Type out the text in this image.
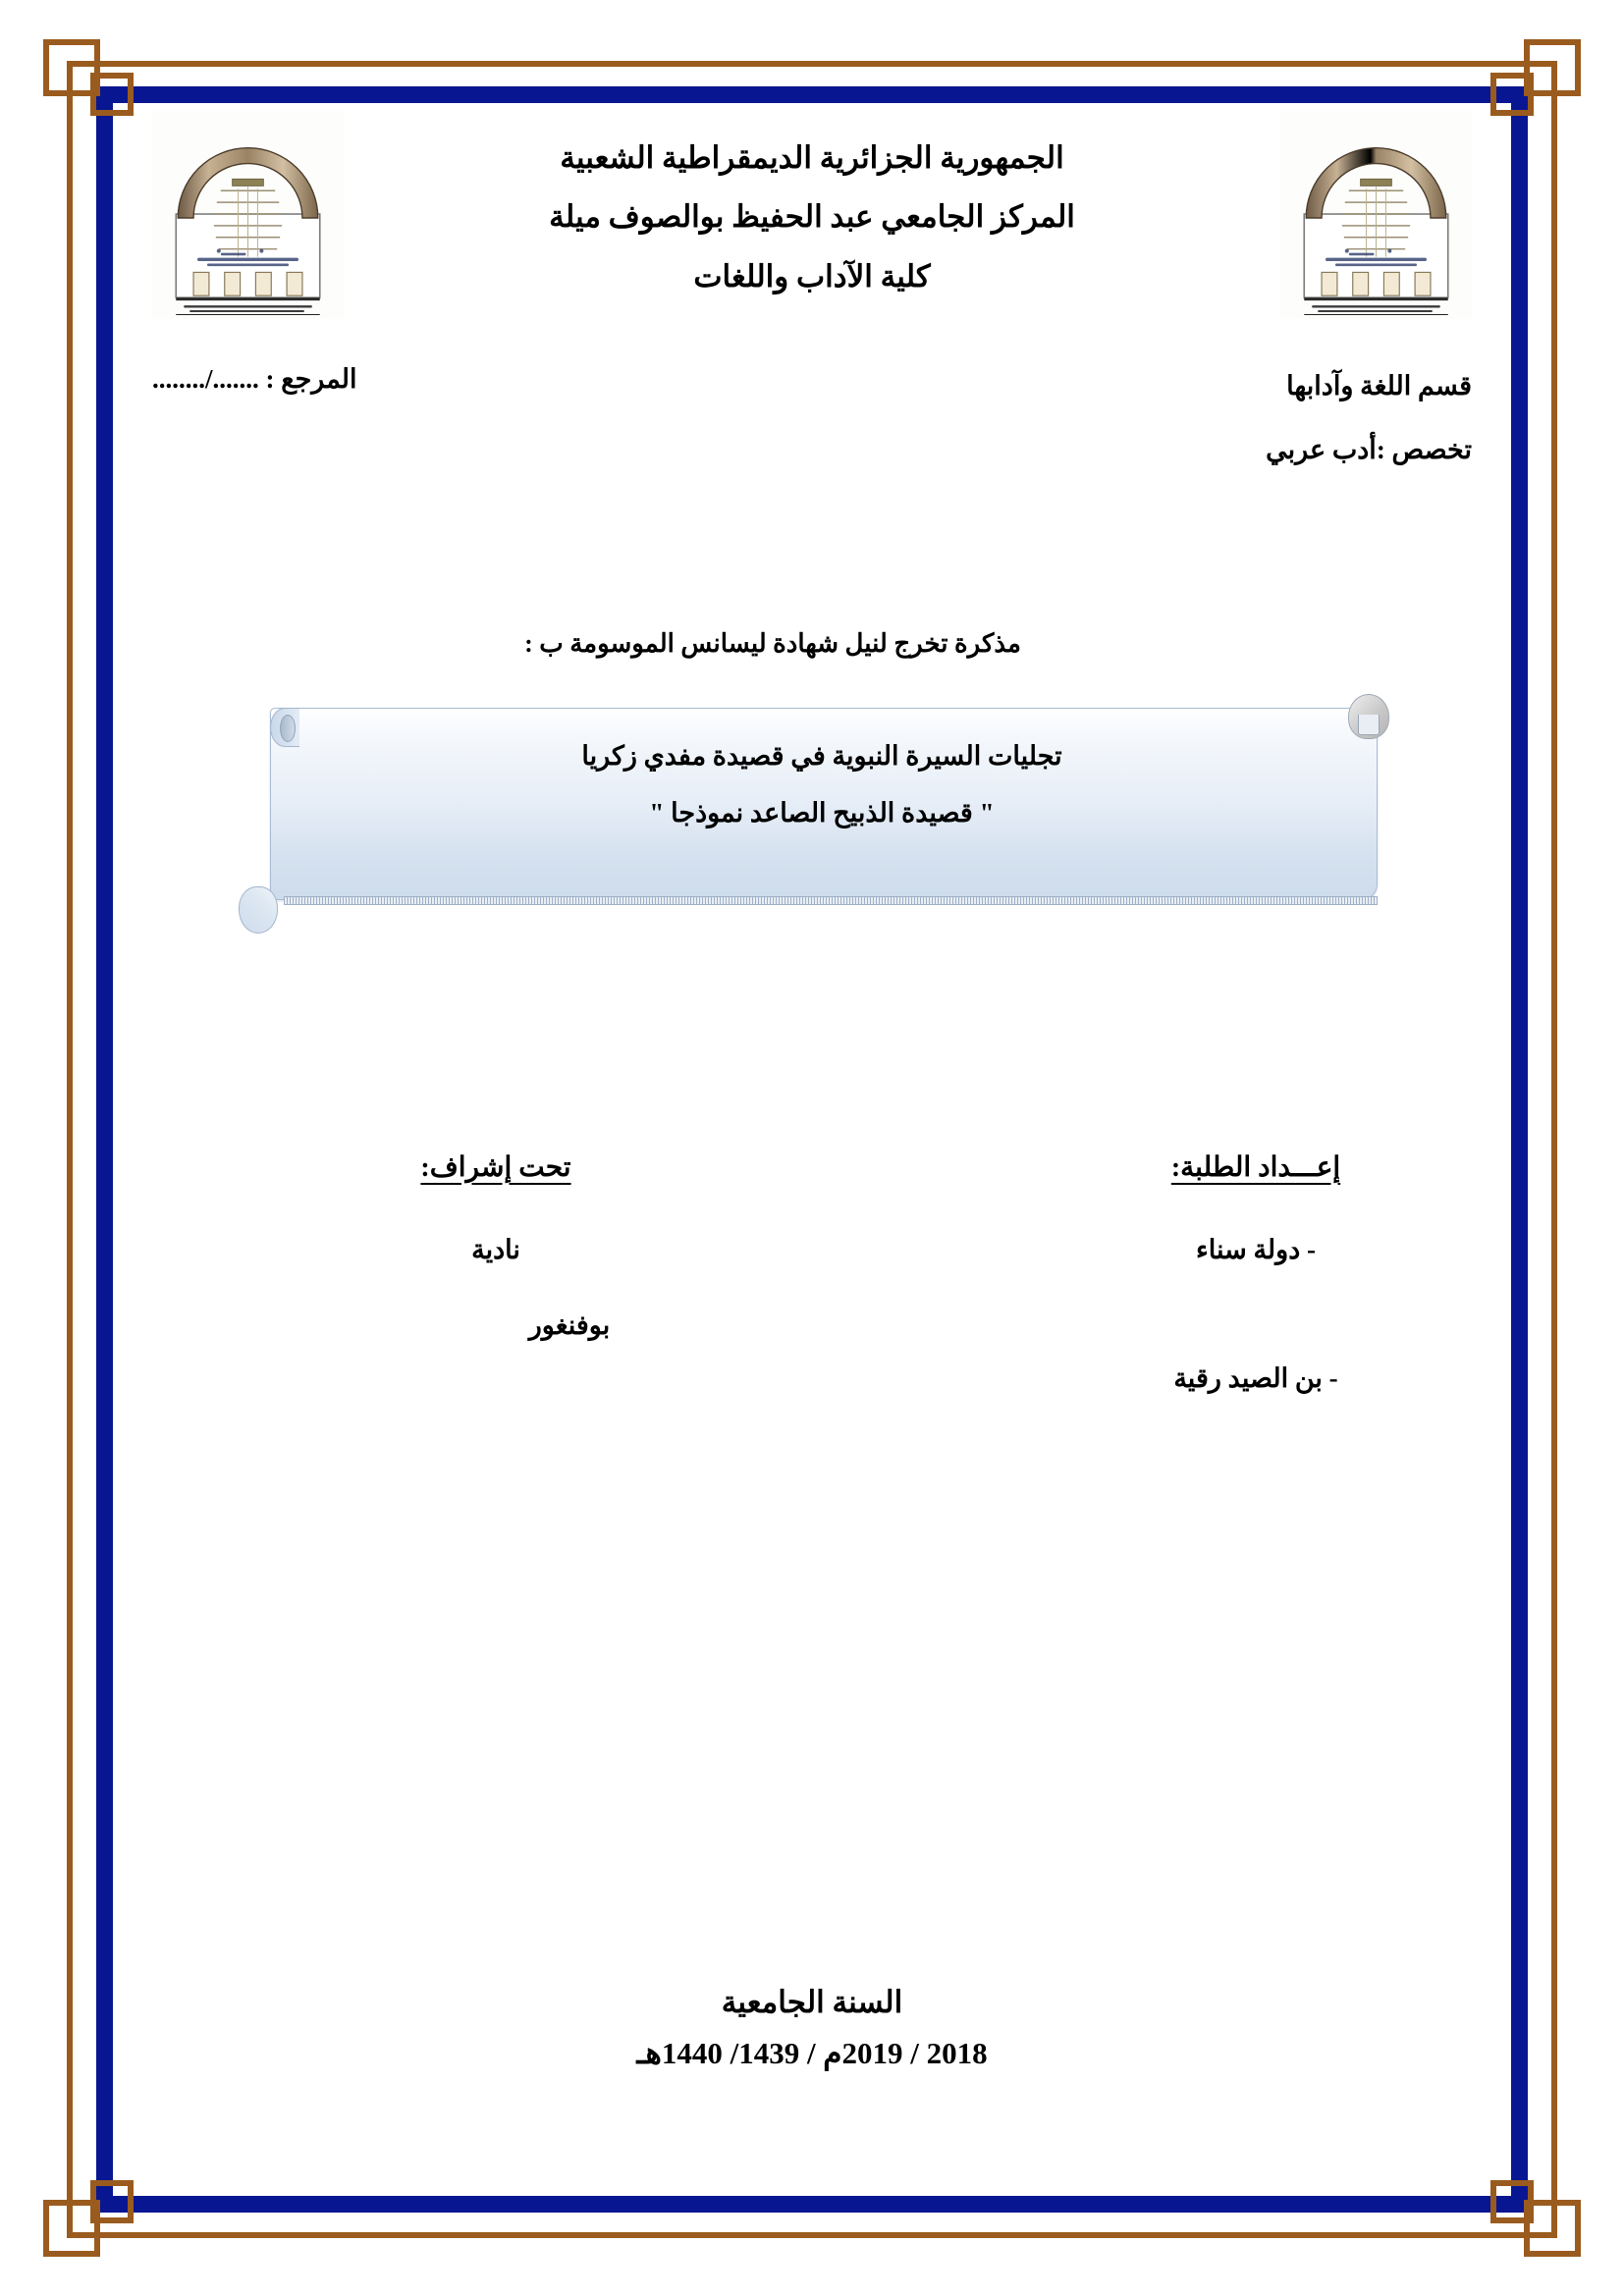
الجمهورية الجزائرية الديمقراطية الشعبية

المركز الجامعي عبد الحفيظ بوالصوف ميلة

كلية الآداب واللغات

قسم اللغة وآدابها

تخصص :أدب عربي

المرجع : ......./........
مذكرة تخرج لنيل شهادة ليسانس الموسومة ب :

تجليات السيرة النبوية في قصيدة مفدي زكريا

" قصيدة الذبيح الصاعد نموذجا "

إعـــداد الطلبة:
- دولة سناء
- بن الصيد رقية
تحت إشراف:
نادية
بوفنغور
السنة الجامعية
2018 / 2019م / 1439/ 1440هـ
